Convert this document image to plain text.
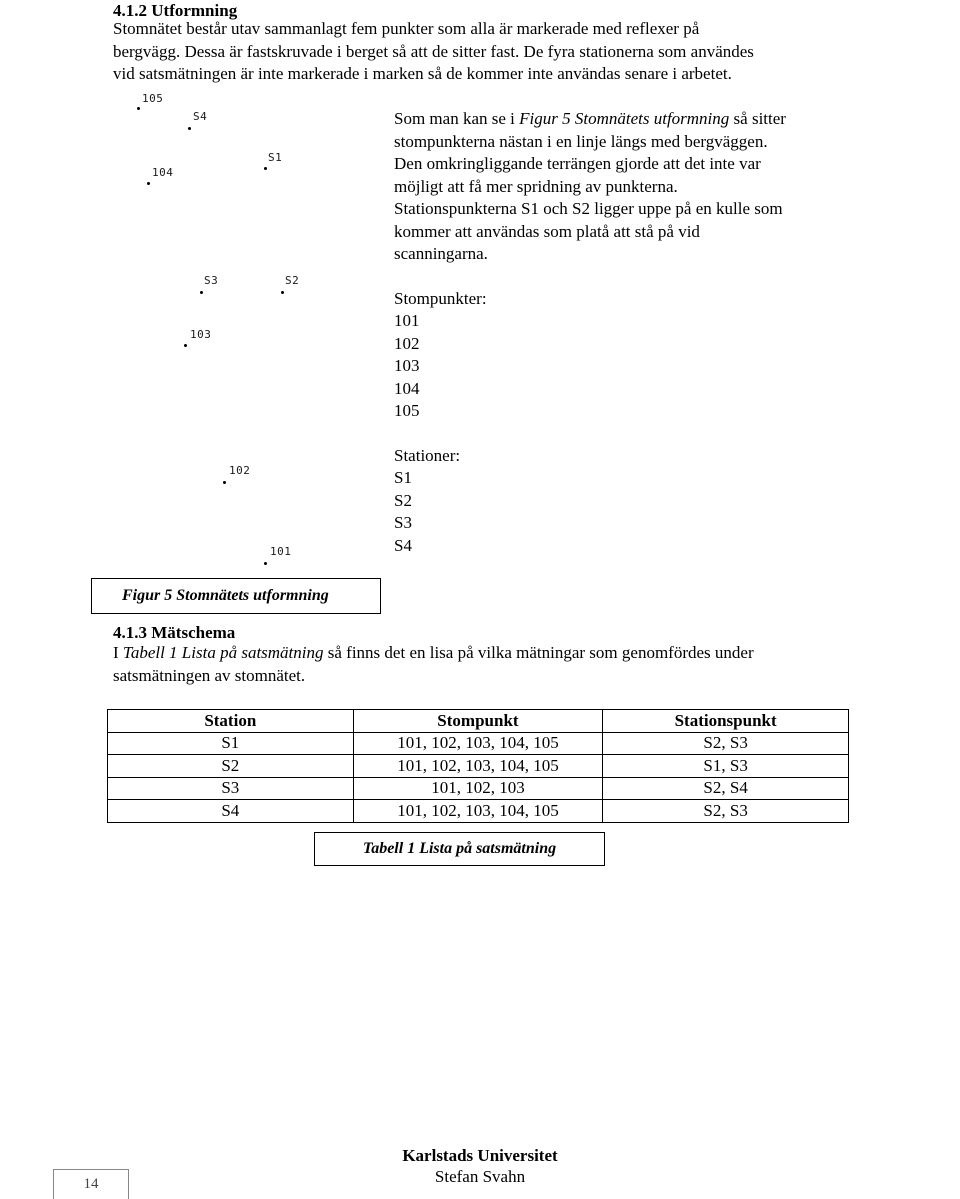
4.1.2 Utformning
Stomnätet består utav sammanlagt fem punkter som alla är markerade med reflexer på
bergvägg. Dessa är fastskruvade i berget så att de sitter fast. De fyra stationerna som användes
vid satsmätningen är inte markerade i marken så de kommer inte användas senare i arbetet.
105
S4
S1
104
S3	S2
103
102
101
Figur 5 Stomnätets utformning
Som man kan se i Figur 5 Stomnätets utformning så sitter
stompunkterna nästan i en linje längs med bergväggen.
Den omkringliggande terrängen gjorde att det inte var
möjligt att få mer spridning av punkterna.
Stationspunkterna S1 och S2 ligger uppe på en kulle som
kommer att användas som platå att stå på vid
scanningarna.
Stompunkter:
101
102
103
104
105
Stationer:
S1
S2
S3
S4
4.1.3 Mätschema
I Tabell 1 Lista på satsmätning så finns det en lisa på vilka mätningar som genomfördes under
satsmätningen av stomnätet.
Station	Stompunkt	Stationspunkt
S1	101, 102, 103, 104, 105	S2, S3
S2	101, 102, 103, 104, 105	S1, S3
S3	101, 102, 103	S2, S4
S4	101, 102, 103, 104, 105	S2, S3
Tabell 1 Lista på satsmätning
Karlstads Universitet
Stefan Svahn
14
